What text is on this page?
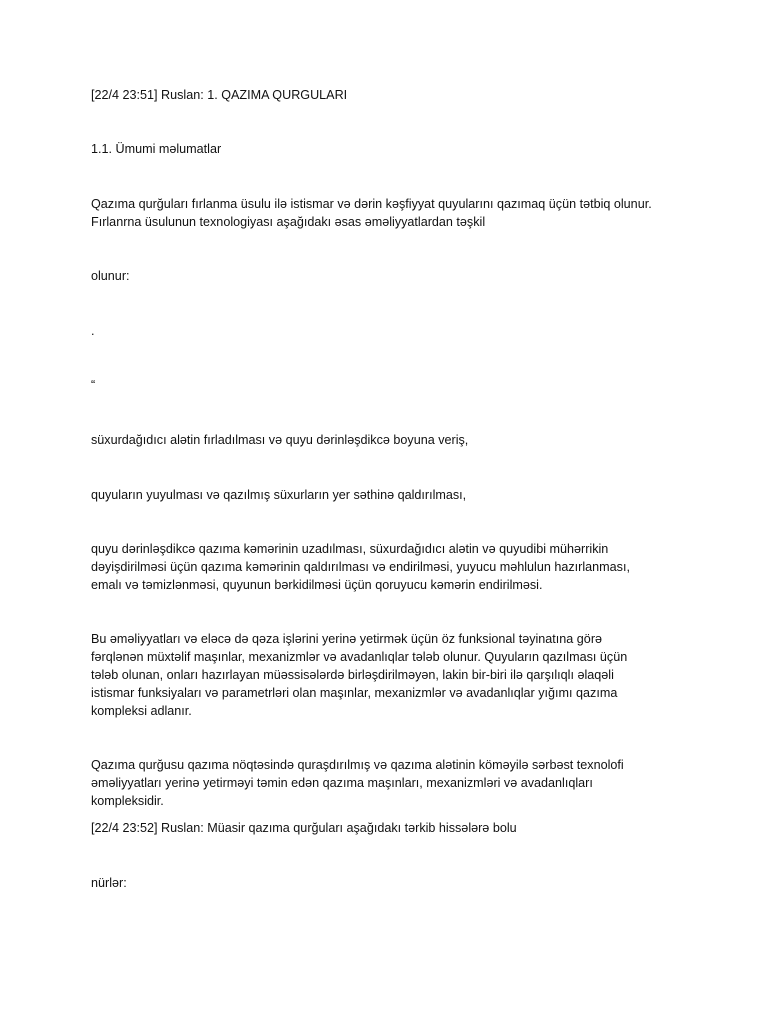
[22/4 23:51] Ruslan: 1. QAZIMA QURGULARI

1.1. Ümumi məlumatlar

Qazıma qurğuları fırlanma üsulu ilə istismar və dərin kəşfiyyat quyularını qazımaq üçün tətbiq olunur.
Fırlanrna üsulunun texnologiyası aşağıdakı əsas əməliyyatlardan təşkil

olunur:

.

“

süxurdağıdıcı alətin fırladılması və quyu dərinləşdikcə boyuna veriş,

quyuların yuyulması və qazılmış süxurların yer səthinə qaldırılması,

quyu dərinləşdikcə qazıma kəmərinin uzadılması, süxurdağıdıcı alətin və quyudibi mühərrikin
dəyişdirilməsi üçün qazıma kəmərinin qaldırılması və endirilməsi, yuyucu məhlulun hazırlanması,
emalı və təmizlənməsi, quyunun bərkidilməsi üçün qoruyucu kəmərin endirilməsi.

Bu əməliyyatları və eləcə də qəza işlərini yerinə yetirmək üçün öz funksional təyinatına görə
fərqlənən müxtəlif maşınlar, mexanizmlər və avadanlıqlar tələb olunur. Quyuların qazılması üçün
tələb olunan, onları hazırlayan müəssisələrdə birləşdirilməyən, lakin bir-biri ilə qarşılıqlı əlaqəli
istismar funksiyaları və parametrləri olan maşınlar, mexanizmlər və avadanlıqlar yığımı qazıma
kompleksi adlanır.

Qazıma qurğusu qazıma nöqtəsində quraşdırılmış və qazıma alətinin köməyilə sərbəst texnolofi
əməliyyatları yerinə yetirməyi təmin edən qazıma maşınları, mexanizmləri və avadanlıqları
kompleksidir.

[22/4 23:52] Ruslan: Müasir qazıma qurğuları aşağıdakı tərkib hissələrə bolu

nürlər:
